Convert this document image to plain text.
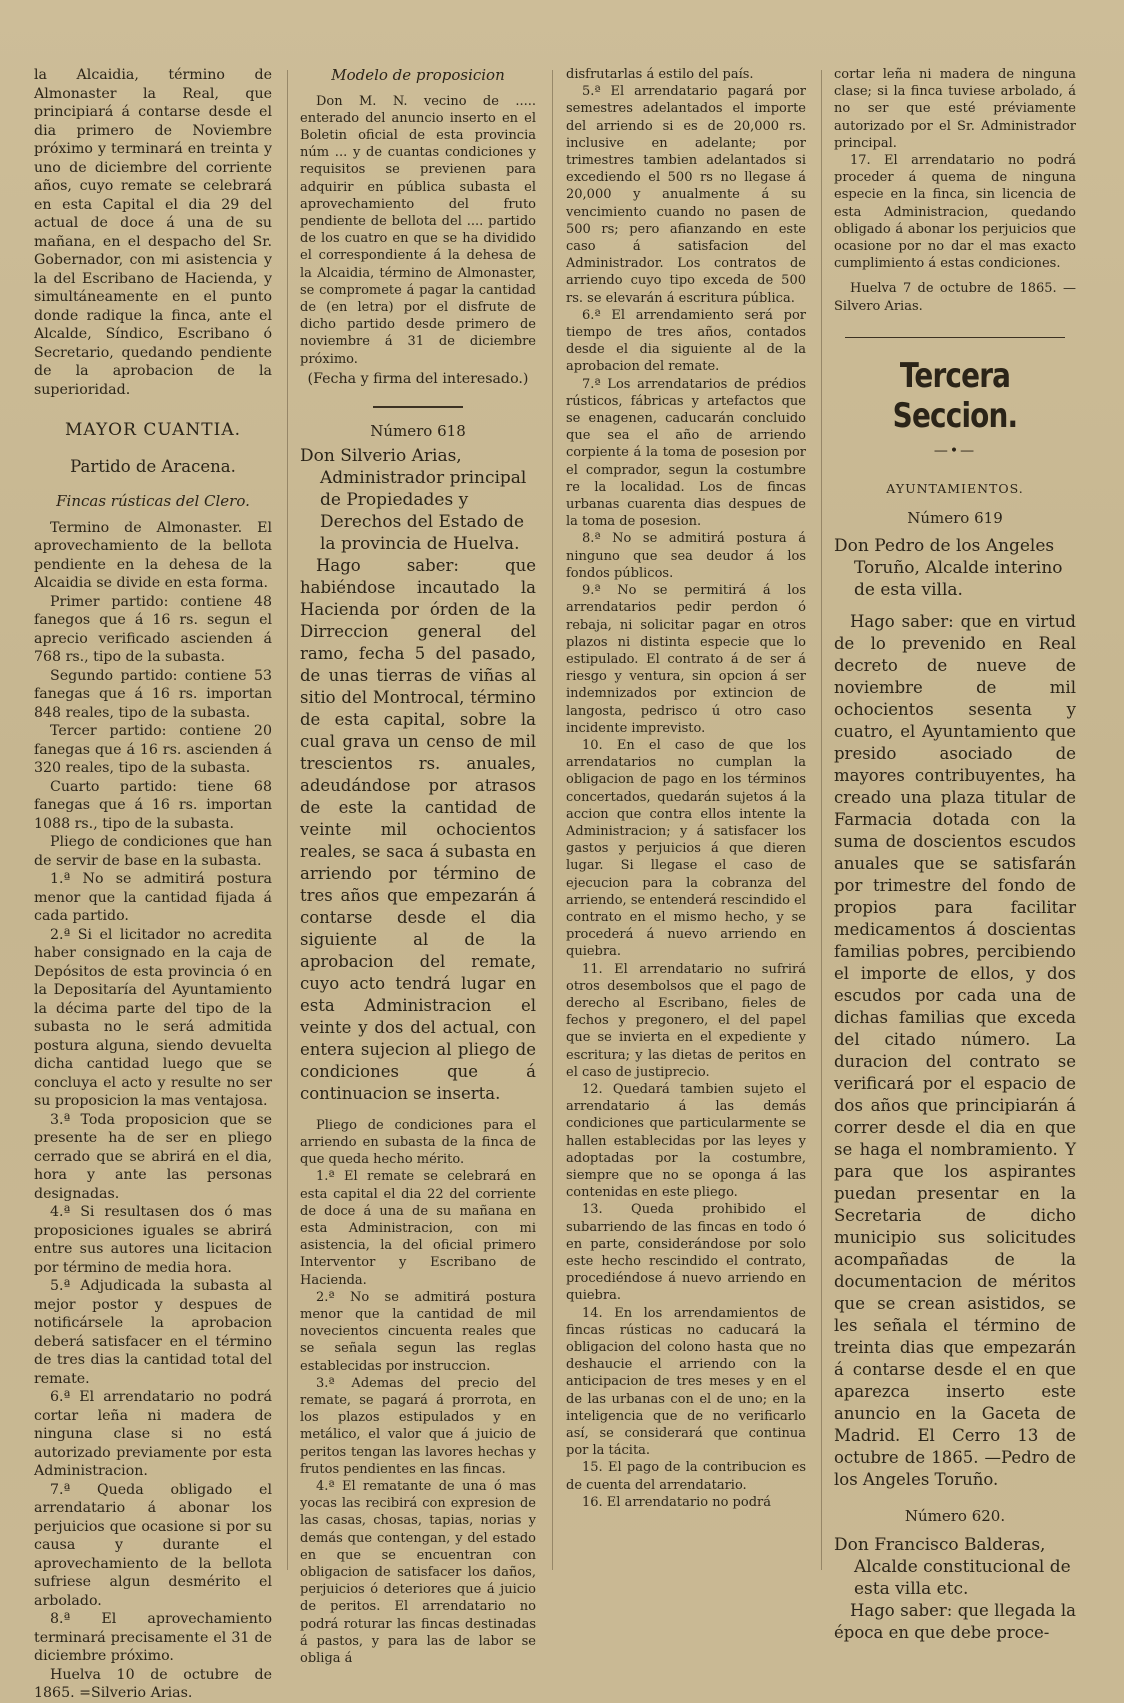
la Alcaidia, término de Almonaster la Real, que principiará á contarse desde el dia primero de Noviembre próximo y terminará en treinta y uno de diciembre del corriente años, cuyo remate se celebrará en esta Capital el dia 29 del actual de doce á una de su mañana, en el despacho del Sr. Gobernador, con mi asistencia y la del Escribano de Hacienda, y simultáneamente en el punto donde radique la finca, ante el Alcalde, Síndico, Escribano ó Secretario, quedando pendiente de la aprobacion de la superioridad.

MAYOR CUANTIA.
Partido de Aracena.
Fincas rústicas del Clero.

Termino de Almonaster. El aprovechamiento de la bellota pendiente en la dehesa de la Alcaidia se divide en esta forma.

Primer partido: contiene 48 fanegos que á 16 rs. segun el aprecio verificado ascienden á 768 rs., tipo de la subasta.

Segundo partido: contiene 53 fanegas que á 16 rs. importan 848 reales, tipo de la subasta.

Tercer partido: contiene 20 fanegas que á 16 rs. ascienden á 320 reales, tipo de la subasta.

Cuarto partido: tiene 68 fanegas que á 16 rs. importan 1088 rs., tipo de la subasta.

Pliego de condiciones que han de servir de base en la subasta.

1.ª No se admitirá postura menor que la cantidad fijada á cada partido.

2.ª Si el licitador no acredita haber consignado en la caja de Depósitos de esta provincia ó en la Depositaría del Ayuntamiento la décima parte del tipo de la subasta no le será admitida postura alguna, siendo devuelta dicha cantidad luego que se concluya el acto y resulte no ser su proposicion la mas ventajosa.

3.ª Toda proposicion que se presente ha de ser en pliego cerrado que se abrirá en el dia, hora y ante las personas designadas.

4.ª Si resultasen dos ó mas proposiciones iguales se abrirá entre sus autores una licitacion por término de media hora.

5.ª Adjudicada la subasta al mejor postor y despues de notificársele la aprobacion deberá satisfacer en el término de tres dias la cantidad total del remate.

6.ª El arrendatario no podrá cortar leña ni madera de ninguna clase si no está autorizado previamente por esta Administracion.

7.ª Queda obligado el arrendatario á abonar los perjuicios que ocasione si por su causa y durante el aprovechamiento de la bellota sufriese algun desmérito el arbolado.

8.ª El aprovechamiento terminará precisamente el 31 de diciembre próximo.

Huelva 10 de octubre de 1865. =Silverio Arias.

Modelo de proposicion

Don M. N. vecino de ..... enterado del anuncio inserto en el Boletin oficial de esta provincia núm ... y de cuantas condiciones y requisitos se previenen para adquirir en pública subasta el aprovechamiento del fruto pendiente de bellota del .... partido de los cuatro en que se ha dividido el correspondiente á la dehesa de la Alcaidia, término de Almonaster, se compromete á pagar la cantidad de (en letra) por el disfrute de dicho partido desde primero de noviembre á 31 de diciembre próximo.

(Fecha y firma del interesado.)

Número 618

Don Silverio Arias, Administrador principal de Propiedades y Derechos del Estado de la provincia de Huelva.

Hago saber: que habiéndose incautado la Hacienda por órden de la Dirreccion general del ramo, fecha 5 del pasado, de unas tierras de viñas al sitio del Montrocal, término de esta capital, sobre la cual grava un censo de mil trescientos rs. anuales, adeudándose por atrasos de este la cantidad de veinte mil ochocientos reales, se saca á subasta en arriendo por término de tres años que empezarán á contarse desde el dia siguiente al de la aprobacion del remate, cuyo acto tendrá lugar en esta Administracion el veinte y dos del actual, con entera sujecion al pliego de condiciones que á continuacion se inserta.

Pliego de condiciones para el arriendo en subasta de la finca de que queda hecho mérito.

1.ª El remate se celebrará en esta capital el dia 22 del corriente de doce á una de su mañana en esta Administracion, con mi asistencia, la del oficial primero Interventor y Escribano de Hacienda.

2.ª No se admitirá postura menor que la cantidad de mil novecientos cincuenta reales que se señala segun las reglas establecidas por instruccion.

3.ª Ademas del precio del remate, se pagará á prorrota, en los plazos estipulados y en metálico, el valor que á juicio de peritos tengan las lavores hechas y frutos pendientes en las fincas.

4.ª El rematante de una ó mas yocas las recibirá con expresion de las casas, chosas, tapias, norias y demás que contengan, y del estado en que se encuentran con obligacion de satisfacer los daños, perjuicios ó deteriores que á juicio de peritos. El arrendatario no podrá roturar las fincas destinadas á pastos, y para las de labor se obliga á

disfrutarlas á estilo del país.

5.ª El arrendatario pagará por semestres adelantados el importe del arriendo si es de 20,000 rs. inclusive en adelante; por trimestres tambien adelantados si excediendo el 500 rs no llegase á 20,000 y anualmente á su vencimiento cuando no pasen de 500 rs; pero afianzando en este caso á satisfacion del Administrador. Los contratos de arriendo cuyo tipo exceda de 500 rs. se elevarán á escritura pública.

6.ª El arrendamiento será por tiempo de tres años, contados desde el dia siguiente al de la aprobacion del remate.

7.ª Los arrendatarios de prédios rústicos, fábricas y artefactos que se enagenen, caducarán concluido que sea el año de arriendo corpiente á la toma de posesion por el comprador, segun la costumbre re la localidad. Los de fincas urbanas cuarenta dias despues de la toma de posesion.

8.ª No se admitirá postura á ninguno que sea deudor á los fondos públicos.

9.ª No se permitirá á los arrendatarios pedir perdon ó rebaja, ni solicitar pagar en otros plazos ni distinta especie que lo estipulado. El contrato á de ser á riesgo y ventura, sin opcion á ser indemnizados por extincion de langosta, pedrisco ú otro caso incidente imprevisto.

10. En el caso de que los arrendatarios no cumplan la obligacion de pago en los términos concertados, quedarán sujetos á la accion que contra ellos intente la Administracion; y á satisfacer los gastos y perjuicios á que dieren lugar. Si llegase el caso de ejecucion para la cobranza del arriendo, se entenderá rescindido el contrato en el mismo hecho, y se procederá á nuevo arriendo en quiebra.

11. El arrendatario no sufrirá otros desembolsos que el pago de derecho al Escribano, fieles de fechos y pregonero, el del papel que se invierta en el expediente y escritura; y las dietas de peritos en el caso de justiprecio.

12. Quedará tambien sujeto el arrendatario á las demás condiciones que particularmente se hallen establecidas por las leyes y adoptadas por la costumbre, siempre que no se oponga á las contenidas en este pliego.

13. Queda prohibido el subarriendo de las fincas en todo ó en parte, considerándose por solo este hecho rescindido el contrato, procediéndose á nuevo arriendo en quiebra.

14. En los arrendamientos de fincas rústicas no caducará la obligacion del colono hasta que no deshaucie el arriendo con la anticipacion de tres meses y en el de las urbanas con el de uno; en la inteligencia que de no verificarlo así, se considerará que continua por la tácita.

15. El pago de la contribucion es de cuenta del arrendatario.

16. El arrendatario no podrá

cortar leña ni madera de ninguna clase; si la finca tuviese arbolado, á no ser que esté préviamente autorizado por el Sr. Administrador principal.

17. El arrendatario no podrá proceder á quema de ninguna especie en la finca, sin licencia de esta Administracion, quedando obligado á abonar los perjuicios que ocasione por no dar el mas exacto cumplimiento á estas condiciones.

Huelva 7 de octubre de 1865. —Silvero Arias.

Tercera Seccion.
—•—
AYUNTAMIENTOS.
Número 619

Don Pedro de los Angeles Toruño, Alcalde interino de esta villa.

Hago saber: que en virtud de lo prevenido en Real decreto de nueve de noviembre de mil ochocientos sesenta y cuatro, el Ayuntamiento que presido asociado de mayores contribuyentes, ha creado una plaza titular de Farmacia dotada con la suma de doscientos escudos anuales que se satisfarán por trimestre del fondo de propios para facilitar medicamentos á doscientas familias pobres, percibiendo el importe de ellos, y dos escudos por cada una de dichas familias que exceda del citado número. La duracion del contrato se verificará por el espacio de dos años que principiarán á correr desde el dia en que se haga el nombramiento. Y para que los aspirantes puedan presentar en la Secretaria de dicho municipio sus solicitudes acompañadas de la documentacion de méritos que se crean asistidos, se les señala el término de treinta dias que empezarán á contarse desde el en que aparezca inserto este anuncio en la Gaceta de Madrid. El Cerro 13 de octubre de 1865. —Pedro de los Angeles Toruño.

Número 620.

Don Francisco Balderas, Alcalde constitucional de esta villa etc.

Hago saber: que llegada la época en que debe proce-
